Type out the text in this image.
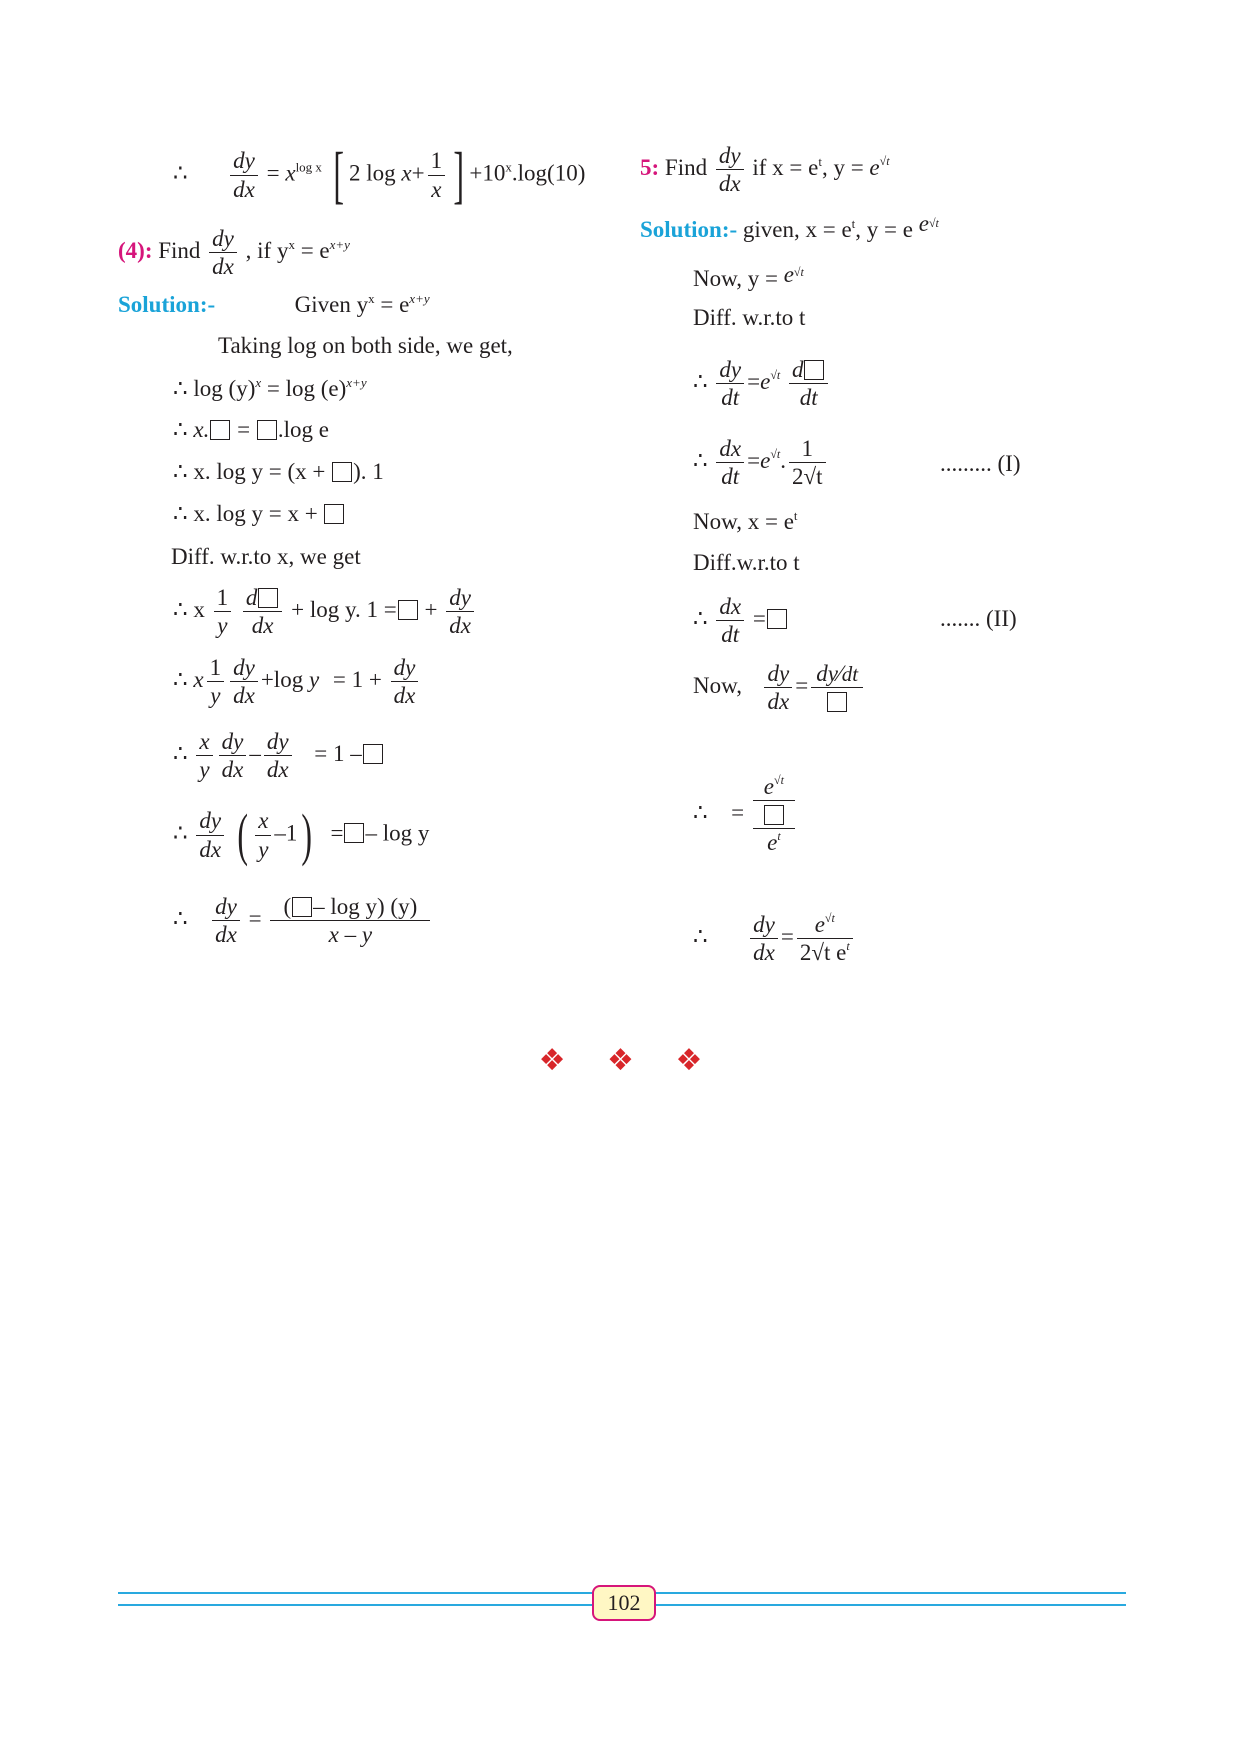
∴ $\frac{dy}{dx} = x^{log x}$ [ 2 $\log x+ \frac{1}{x}$ ] $+10^x.\log(10)$
(4): Find $\frac{dy}{dx}$ , if $y^x = e^{x+y}$
Solution:-	Given $y^x = e^{x+y}$
Taking log on both side, we get,
∴ $\log (y)^x = \log (e)^{x+y}$
∴ x. = .log e
∴ x. log y = (x + ). 1
∴ x. log y = x +
Diff. w.r.to x, we get
∴ x $\frac{1}{y}$
$\frac{d}{dx} + \log y$. 1 = + $\frac{dy}{dx}$
∴ x $\frac{1}{y} \frac{dy}{dx} +\log$ $y = 1 + \frac{dy}{dx}$
∴ $\frac{x}{y} \frac{dy}{dx} - \frac{dy}{dx} = 1$ –
∴ $\frac{dy}{dx}$ ( $\frac{x}{y} -1$) = – log y
∴ $\frac{dy}{dx} = \frac{\text{( – log y) (y)}}{x - y}$
5: Find $\frac{dy}{dx}$ if $x = e^t$, $y = e^{√t}$
Solution:- given, $x = e^t$, y = e $e^{√t}$
Now, $y = e^{√t}$
Diff. w.r.to t
∴ $\frac{dy}{dt} =e^{√t} \frac{d}{dt}$
∴ $\frac{dx}{dt} =e^{√t}$. $\frac{1}{2√t}$	......... (I)
Now, $x = e^t$
Diff.w.r.to t
∴ $\frac{dx}{dt}$ =	....... (II)
Now, $\frac{dy}{dx}$ = dy⁄dt
∴ = $\frac{e^{√t}}{e^t}$
∴ $\frac{dy}{dx} = \frac{e^{√t}}{2√t e^t}$
❖ ❖ ❖
102
